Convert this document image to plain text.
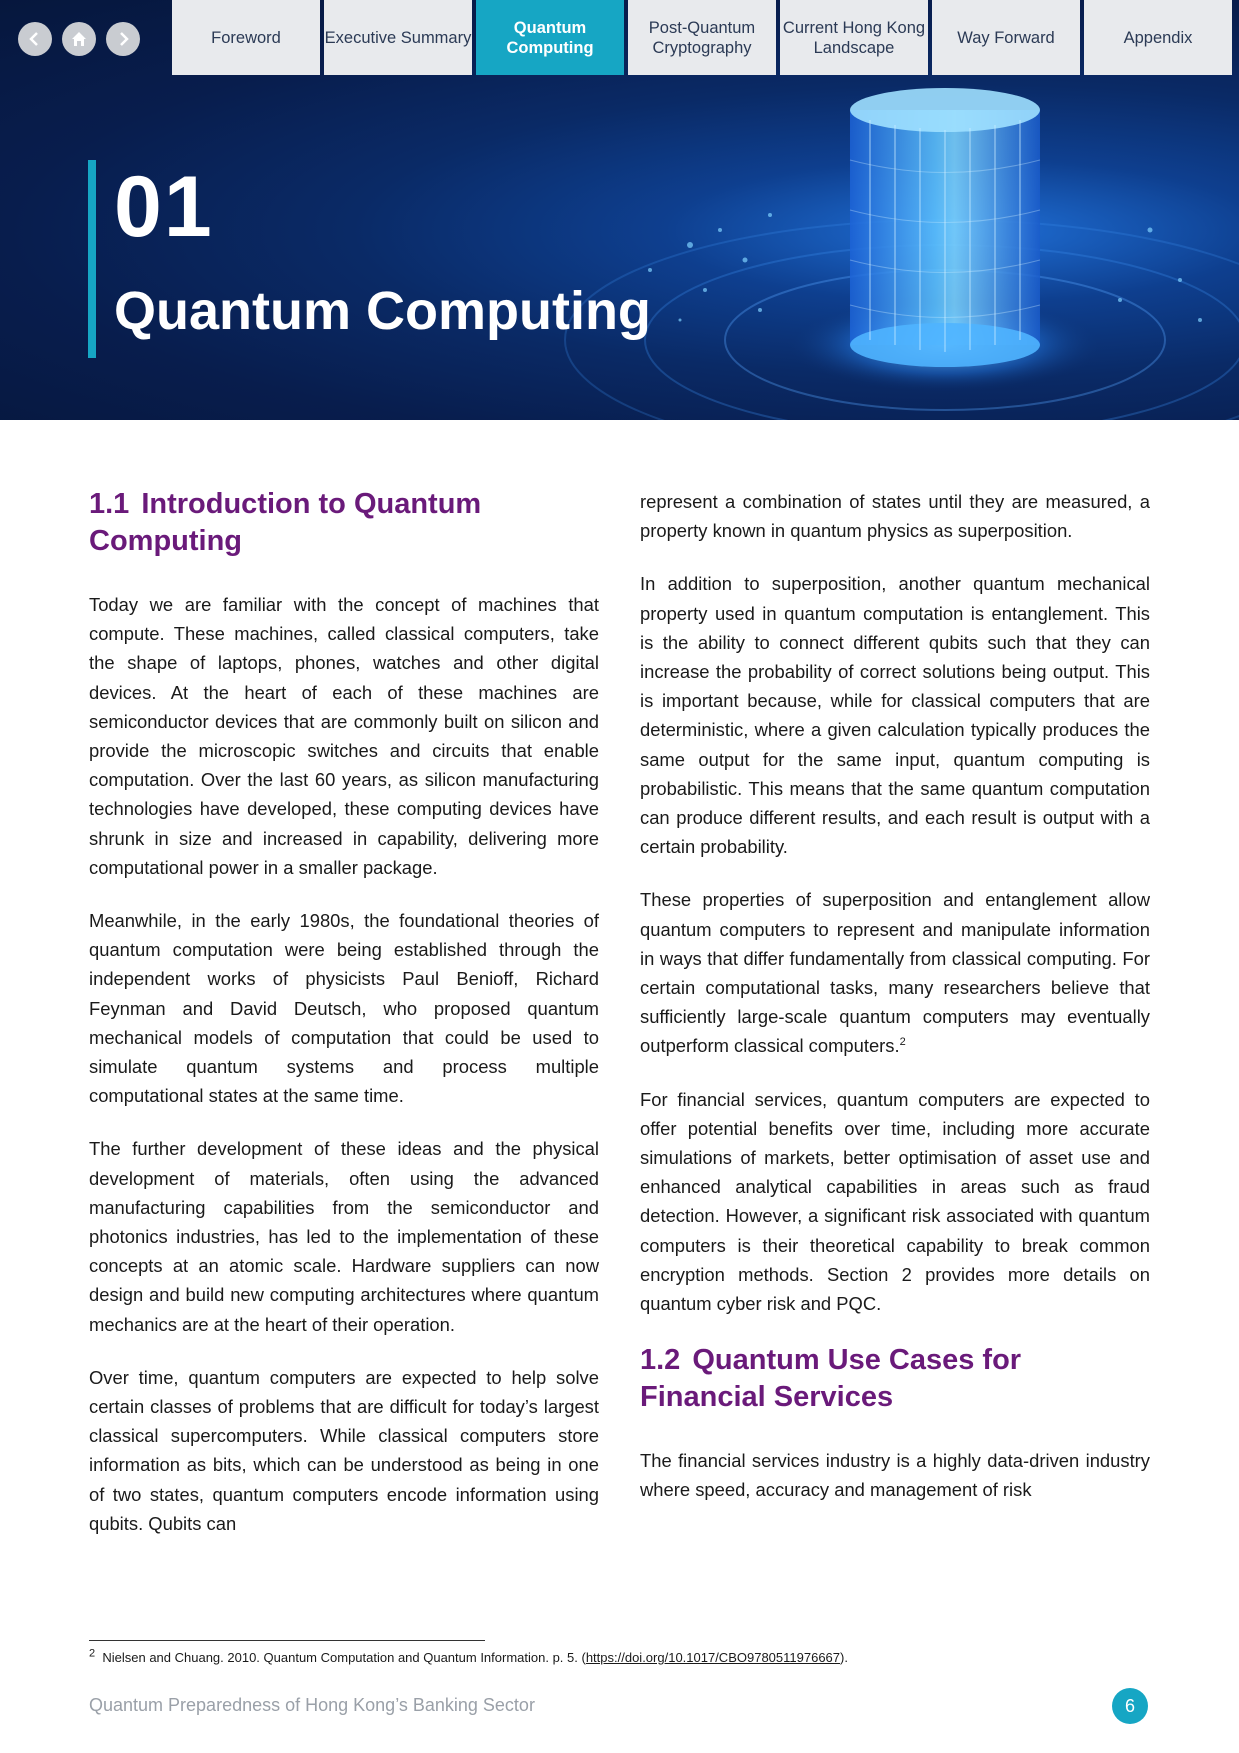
Foreword	Executive Summary
Quantum Computing
Post-Quantum Cryptography
Current Hong Kong Landscape
Way Forward	Appendix
01
Quantum Computing
1.1 Introduction to Quantum Computing

Today we are familiar with the concept of machines that compute. These machines, called classical computers, take the shape of laptops, phones, watches and other digital devices. At the heart of each of these machines are semiconductor devices that are commonly built on silicon and provide the microscopic switches and circuits that enable computation. Over the last 60 years, as silicon manufacturing technologies have developed, these computing devices have shrunk in size and increased in capability, delivering more computational power in a smaller package.

Meanwhile, in the early 1980s, the foundational theories of quantum computation were being established through the independent works of physicists Paul Benioff, Richard Feynman and David Deutsch, who proposed quantum mechanical models of computation that could be used to simulate quantum systems and process multiple computational states at the same time.

The further development of these ideas and the physical development of materials, often using the advanced manufacturing capabilities from the semiconductor and photonics industries, has led to the implementation of these concepts at an atomic scale. Hardware suppliers can now design and build new computing architectures where quantum mechanics are at the heart of their operation.

Over time, quantum computers are expected to help solve certain classes of problems that are difficult for today’s largest classical supercomputers. While classical computers store information as bits, which can be understood as being in one of two states, quantum computers encode information using qubits. Qubits can

represent a combination of states until they are measured, a property known in quantum physics as superposition.

In addition to superposition, another quantum mechanical property used in quantum computation is entanglement. This is the ability to connect different qubits such that they can increase the probability of correct solutions being output. This is important because, while for classical computers that are deterministic, where a given calculation typically produces the same output for the same input, quantum computing is probabilistic. This means that the same quantum computation can produce different results, and each result is output with a certain probability.

These properties of superposition and entanglement allow quantum computers to represent and manipulate information in ways that differ fundamentally from classical computing. For certain computational tasks, many researchers believe that sufficiently large-scale quantum computers may eventually outperform classical computers.$^2$

For financial services, quantum computers are expected to offer potential benefits over time, including more accurate simulations of markets, better optimisation of asset use and enhanced analytical capabilities in areas such as fraud detection. However, a significant risk associated with quantum computers is their theoretical capability to break common encryption methods. Section 2 provides more details on quantum cyber risk and PQC.

1.2 Quantum Use Cases for Financial Services

The financial services industry is a highly data-driven industry where speed, accuracy and management of risk

$^2$ Nielsen and Chuang. 2010. Quantum Computation and Quantum Information. p. 5. (https://doi.org/10.1017/CBO9780511976667).
Quantum Preparedness of Hong Kong’s Banking Sector	6
